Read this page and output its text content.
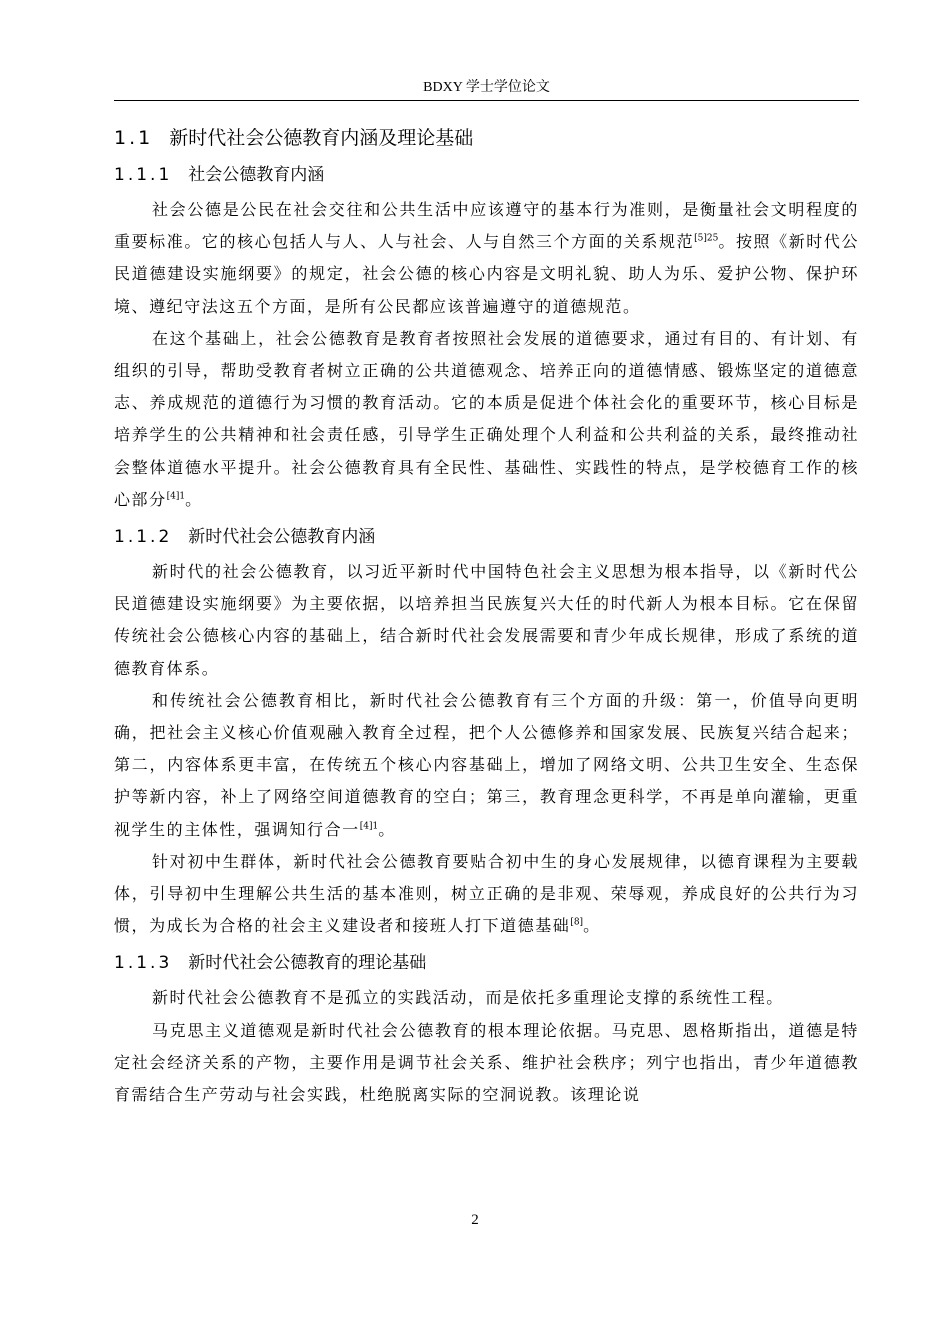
BDXY 学士学位论文
1.1 新时代社会公德教育内涵及理论基础
1.1.1 社会公德教育内涵

社会公德是公民在社会交往和公共生活中应该遵守的基本行为准则，是衡量社会文明程度的重要标准。它的核心包括人与人、人与社会、人与自然三个方面的关系规范$^{[5]25}$。按照《新时代公民道德建设实施纲要》的规定，社会公德的核心内容是文明礼貌、助人为乐、爱护公物、保护环境、遵纪守法这五个方面，是所有公民都应该普遍遵守的道德规范。

在这个基础上，社会公德教育是教育者按照社会发展的道德要求，通过有目的、有计划、有组织的引导，帮助受教育者树立正确的公共道德观念、培养正向的道德情感、锻炼坚定的道德意志、养成规范的道德行为习惯的教育活动。它的本质是促进个体社会化的重要环节，核心目标是培养学生的公共精神和社会责任感，引导学生正确处理个人利益和公共利益的关系，最终推动社会整体道德水平提升。社会公德教育具有全民性、基础性、实践性的特点，是学校德育工作的核心部分$^{[4]1}$。

1.1.2 新时代社会公德教育内涵

新时代的社会公德教育，以习近平新时代中国特色社会主义思想为根本指导，以《新时代公民道德建设实施纲要》为主要依据，以培养担当民族复兴大任的时代新人为根本目标。它在保留传统社会公德核心内容的基础上，结合新时代社会发展需要和青少年成长规律，形成了系统的道德教育体系。

和传统社会公德教育相比，新时代社会公德教育有三个方面的升级：第一，价值导向更明确，把社会主义核心价值观融入教育全过程，把个人公德修养和国家发展、民族复兴结合起来；第二，内容体系更丰富，在传统五个核心内容基础上，增加了网络文明、公共卫生安全、生态保护等新内容，补上了网络空间道德教育的空白；第三，教育理念更科学，不再是单向灌输，更重视学生的主体性，强调知行合一$^{[4]1}$。

针对初中生群体，新时代社会公德教育要贴合初中生的身心发展规律，以德育课程为主要载体，引导初中生理解公共生活的基本准则，树立正确的是非观、荣辱观，养成良好的公共行为习惯，为成长为合格的社会主义建设者和接班人打下道德基础[8]。

1.1.3 新时代社会公德教育的理论基础

新时代社会公德教育不是孤立的实践活动，而是依托多重理论支撑的系统性工程。

马克思主义道德观是新时代社会公德教育的根本理论依据。马克思、恩格斯指出，道德是特定社会经济关系的产物，主要作用是调节社会关系、维护社会秩序；列宁也指出，青少年道德教育需结合生产劳动与社会实践，杜绝脱离实际的空洞说教。该理论说

2
